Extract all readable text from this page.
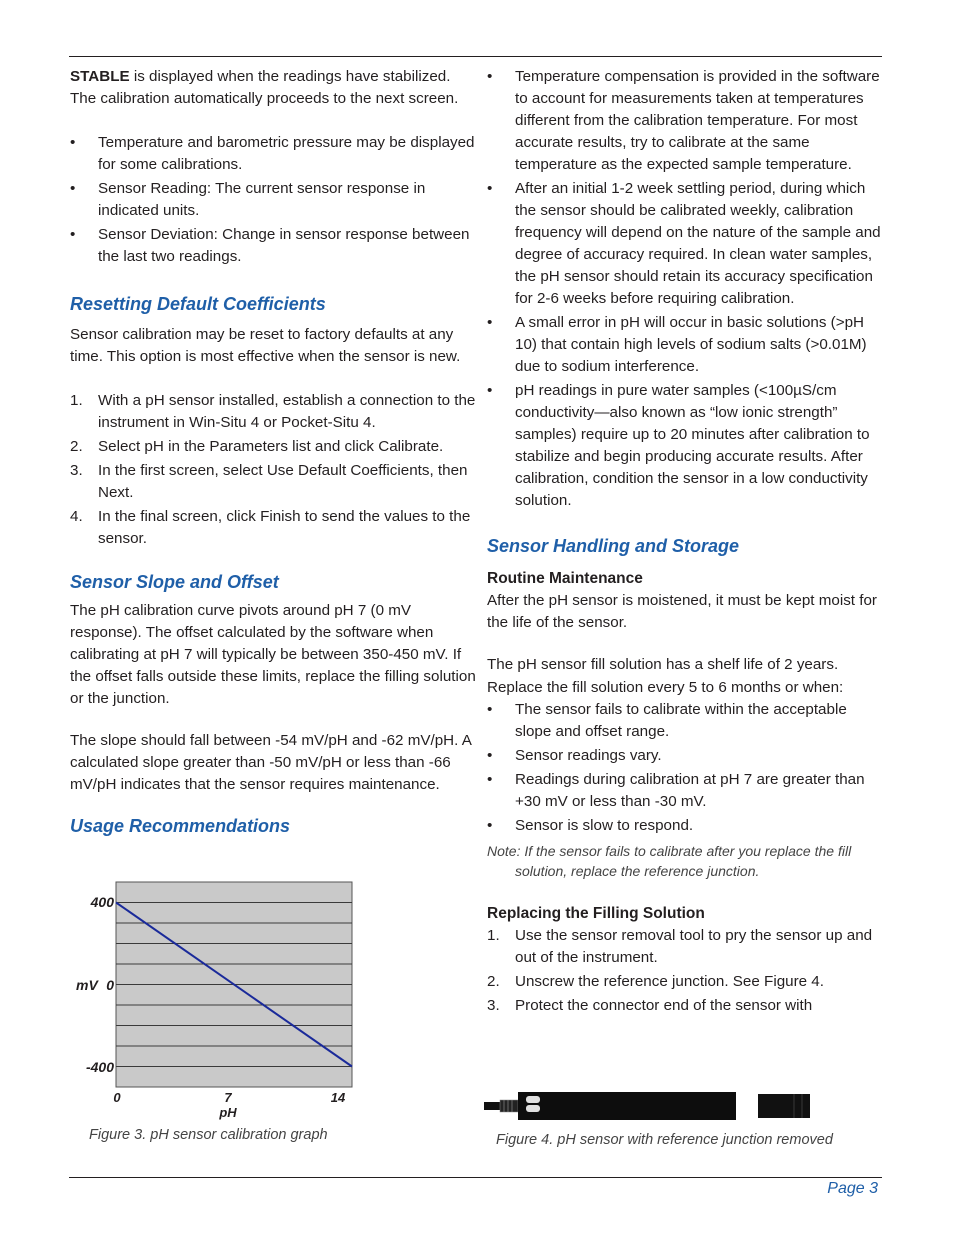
STABLE is displayed when the readings have stabilized. The calibration automatically proceeds to the next screen.

• Temperature and barometric pressure may be displayed for some calibrations.
• Sensor Reading: The current sensor response in indicated units.
• Sensor Deviation: Change in sensor response between the last two readings.
Resetting Default Coefficients

Sensor calibration may be reset to factory defaults at any time. This option is most effective when the sensor is new.

1. With a pH sensor installed, establish a connection to the instrument in Win-Situ 4 or Pocket-Situ 4.
2. Select pH in the Parameters list and click Calibrate.
3. In the first screen, select Use Default Coefficients, then Next.
4. In the final screen, click Finish to send the values to the sensor.
Sensor Slope and Offset

The pH calibration curve pivots around pH 7 (0 mV response). The offset calculated by the software when calibrating at pH 7 will typically be between 350-450 mV. If the offset falls outside these limits, replace the filling solution or the junction.

The slope should fall between -54 mV/pH and -62 mV/pH. A calculated slope greater than -50 mV/pH or less than -66 mV/pH indicates that the sensor requires maintenance.

Usage Recommendations
400
0
-400
mV
0	7	14
pH
Figure 3. pH sensor calibration graph
• Temperature compensation is provided in the software to account for measurements taken at temperatures different from the calibration temperature. For most accurate results, try to calibrate at the same temperature as the expected sample temperature.
• After an initial 1-2 week settling period, during which the sensor should be calibrated weekly, calibration frequency will depend on the nature of the sample and degree of accuracy required. In clean water samples, the pH sensor should retain its accuracy specification for 2-6 weeks before requiring calibration.
• A small error in pH will occur in basic solutions (>pH 10) that contain high levels of sodium salts (>0.01M) due to sodium interference.
• pH readings in pure water samples (<100µS/cm conductivity—also known as “low ionic strength” samples) require up to 20 minutes after calibration to stabilize and begin producing accurate results. After calibration, condition the sensor in a low conductivity solution.
Sensor Handling and Storage
Routine Maintenance

After the pH sensor is moistened, it must be kept moist for the life of the sensor.

The pH sensor fill solution has a shelf life of 2 years. Replace the fill solution every 5 to 6 months or when:

• The sensor fails to calibrate within the acceptable slope and offset range.
• Sensor readings vary.
• Readings during calibration at pH 7 are greater than +30 mV or less than -30 mV.
• Sensor is slow to respond.
Note: If the sensor fails to calibrate after you replace the fill
solution, replace the reference junction.
Replacing the Filling Solution
1. Use the sensor removal tool to pry the sensor up and out of the instrument.
2. Unscrew the reference junction. See Figure 4.
3. Protect the connector end of the sensor with
Figure 4. pH sensor with reference junction removed
Page 3
